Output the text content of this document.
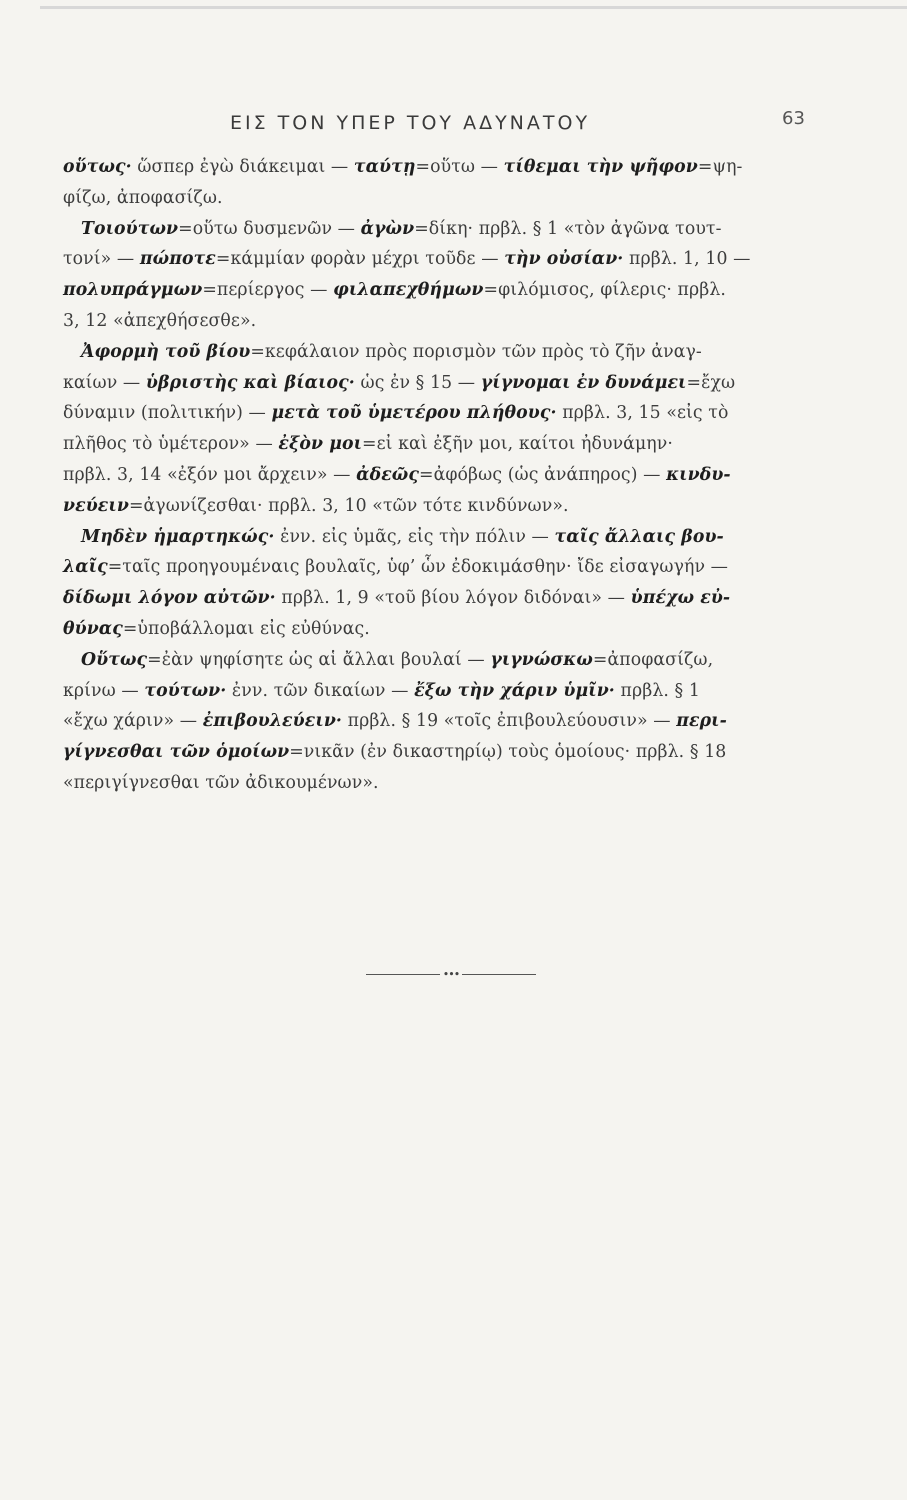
ΕΙΣ ΤΟΝ ΥΠΕΡ ΤΟΥ ΑΔΥΝΑΤΟΥ	63
οὕτως· ὥσπερ ἐγὼ διάκειμαι — ταύτῃ=οὕτω — τίθεμαι τὴν ψῆφον=ψη-
φίζω, ἀποφασίζω.
Τοιούτων=οὕτω δυσμενῶν — ἀγὼν=δίκη· πρβλ. § 1 «τὸν ἀγῶνα τουτ-
τονί» — πώποτε=κάμμίαν φορὰν μέχρι τοῦδε — τὴν οὐσίαν· πρβλ. 1, 10 —
πολυπράγμων=περίεργος — φιλαπεχθήμων=φιλόμισος, φίλερις· πρβλ.
3, 12 «ἀπεχθήσεσθε».
Ἀφορμὴ τοῦ βίου=κεφάλαιον πρὸς πορισμὸν τῶν πρὸς τὸ ζῆν ἀναγ-
καίων — ὑβριστὴς καὶ βίαιος· ὡς ἐν § 15 — γίγνομαι ἐν δυνάμει=ἔχω
δύναμιν (πολιτικήν) — μετὰ τοῦ ὑμετέρου πλήθους· πρβλ. 3, 15 «εἰς τὸ
πλῆθος τὸ ὑμέτερον» — ἐξὸν μοι=εἰ καὶ ἐξῆν μοι, καίτοι ἠδυνάμην·
πρβλ. 3, 14 «ἐξόν μοι ἄρχειν» — ἀδεῶς=ἀφόβως (ὡς ἀνάπηρος) — κινδυ-
νεύειν=ἀγωνίζεσθαι· πρβλ. 3, 10 «τῶν τότε κινδύνων».
Μηδὲν ἡμαρτηκώς· ἐνν. εἰς ὑμᾶς, εἰς τὴν πόλιν — ταῖς ἄλλαις βου-
λαῖς=ταῖς προηγουμέναις βουλαῖς, ὑφ’ ὧν ἐδοκιμάσθην· ἴδε εἰσαγωγήν —
δίδωμι λόγον αὐτῶν· πρβλ. 1, 9 «τοῦ βίου λόγον διδόναι» — ὑπέχω εὐ-
θύνας=ὑποβάλλομαι εἰς εὐθύνας.
Οὕτως=ἐὰν ψηφίσητε ὡς αἱ ἄλλαι βουλαί — γιγνώσκω=ἀποφασίζω,
κρίνω — τούτων· ἐνν. τῶν δικαίων — ἔξω τὴν χάριν ὑμῖν· πρβλ. § 1
«ἔχω χάριν» — ἐπιβουλεύειν· πρβλ. § 19 «τοῖς ἐπιβουλεύουσιν» — περι-
γίγνεσθαι τῶν ὁμοίων=νικᾶν (ἐν δικαστηρίῳ) τοὺς ὁμοίους· πρβλ. § 18
«περιγίγνεσθαι τῶν ἀδικουμένων».
•••
